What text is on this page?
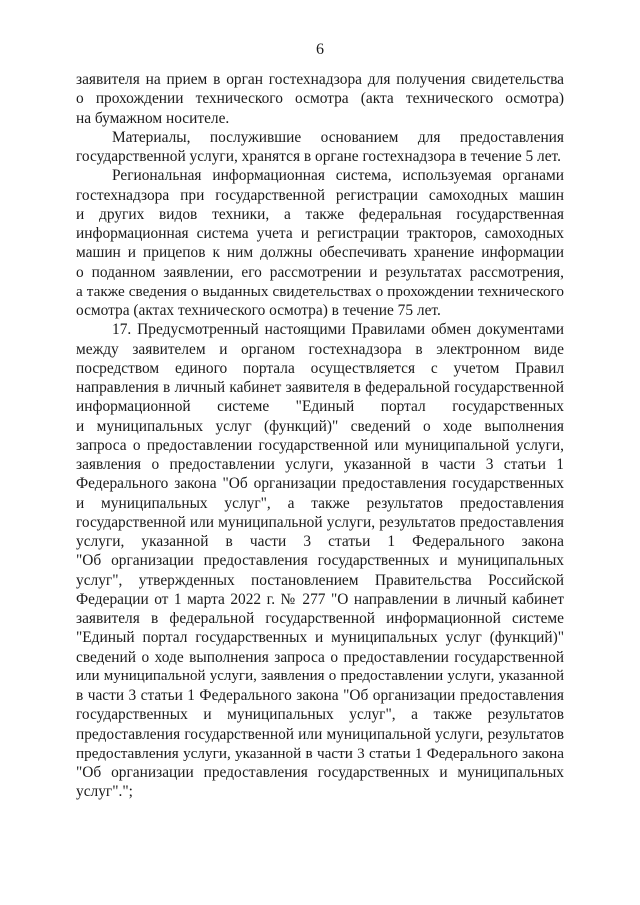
6
заявителя на прием в орган гостехнадзора для получения свидетельства
о прохождении технического осмотра (акта технического осмотра)
на бумажном носителе.
Материалы, послужившие основанием для предоставления
государственной услуги, хранятся в органе гостехнадзора в течение 5 лет.
Региональная информационная система, используемая органами
гостехнадзора при государственной регистрации самоходных машин
и других видов техники, а также федеральная государственная
информационная система учета и регистрации тракторов, самоходных
машин и прицепов к ним должны обеспечивать хранение информации
о поданном заявлении, его рассмотрении и результатах рассмотрения,
а также сведения о выданных свидетельствах о прохождении технического
осмотра (актах технического осмотра) в течение 75 лет.
17. Предусмотренный настоящими Правилами обмен документами
между заявителем и органом гостехнадзора в электронном виде
посредством единого портала осуществляется с учетом Правил
направления в личный кабинет заявителя в федеральной государственной
информационной системе "Единый портал государственных
и муниципальных услуг (функций)" сведений о ходе выполнения
запроса о предоставлении государственной или муниципальной услуги,
заявления о предоставлении услуги, указанной в части 3 статьи 1
Федерального закона "Об организации предоставления государственных
и муниципальных услуг", а также результатов предоставления
государственной или муниципальной услуги, результатов предоставления
услуги, указанной в части 3 статьи 1 Федерального закона
"Об организации предоставления государственных и муниципальных
услуг", утвержденных постановлением Правительства Российской
Федерации от 1 марта 2022 г. № 277 "О направлении в личный кабинет
заявителя в федеральной государственной информационной системе
"Единый портал государственных и муниципальных услуг (функций)"
сведений о ходе выполнения запроса о предоставлении государственной
или муниципальной услуги, заявления о предоставлении услуги, указанной
в части 3 статьи 1 Федерального закона "Об организации предоставления
государственных и муниципальных услуг", а также результатов
предоставления государственной или муниципальной услуги, результатов
предоставления услуги, указанной в части 3 статьи 1 Федерального закона
"Об организации предоставления государственных и муниципальных
услуг".";
